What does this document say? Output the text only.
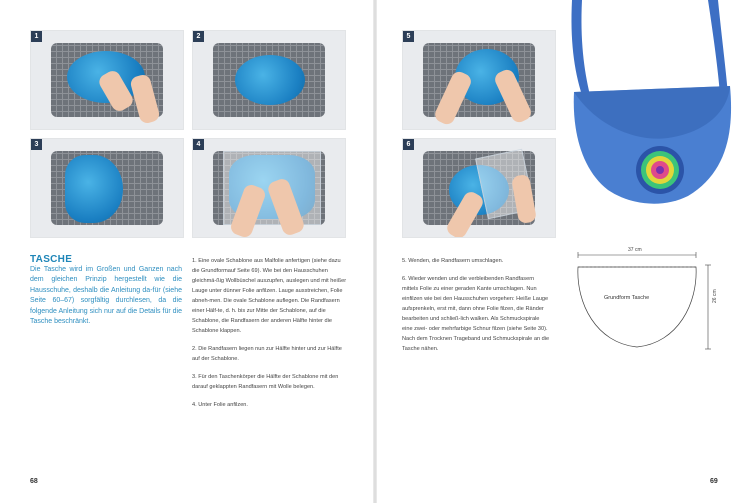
1	2
3	4
5
6
TASCHE
Die Tasche wird im Großen und Ganzen nach dem gleichen Prinzip hergestellt wie die Hausschuhe, deshalb die Anleitung da-für (siehe Seite 60–67) sorgfältig durchlesen, da die folgende Anleitung sich nur auf die Details für die Tasche beschränkt.

1. Eine ovale Schablone aus Malfolie anfertigen (siehe dazu die Grundformauf Seite 69). Wie bei den Hausschuhen gleichmä-ßig Wollbüschel auszupfen, auslegen und mit heißer Lauge unter dünner Folie anfilzen. Lauge ausstreichen, Folie abneh-men. Die ovale Schablone auflegen. Die Randfasern einer Hälf-te, d. h. bis zur Mitte der Schablone, auf die Schablone, die Randfasern der anderen Hälfte hinter die Schablone klappen.

2. Die Randfasern liegen nun zur Hälfte hinter und zur Hälfte auf der Schablone.

3. Für den Taschenkörper die Hälfte der Schablone mit den darauf geklappten Randfasern mit Wolle belegen.

4. Unter Folie anfilzen.

5. Wenden, die Randfasern umschlagen.

6. Wieder wenden und die verbleibenden Randfasern mittels Folie zu einer geraden Kante umschlagen. Nun einfilzen wie bei den Hausschuhen vorgehen: Heiße Lauge aufsprenkeln, erst mit, dann ohne Folie filzen, die Ränder bearbeiten und schließ-lich walken. Als Schmuckspirale eine zwei- oder mehrfarbige Schnur filzen (siehe Seite 30). Nach dem Trocknen Trageband und Schmuckspirale an die Tasche nähen.

37 cm
26 cm
Grundform Tasche
68	69
